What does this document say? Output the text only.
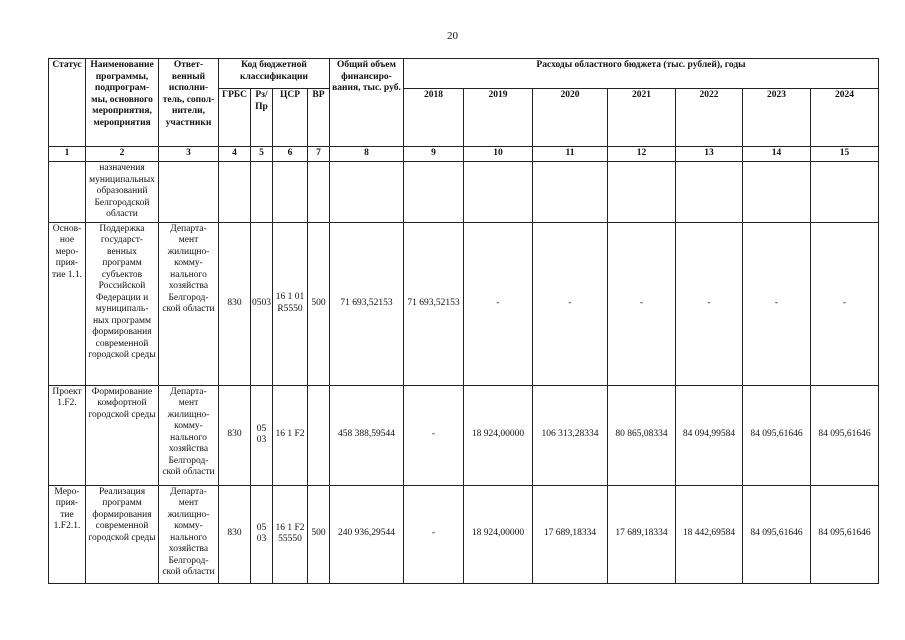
20
Статус	Наименование программы, подпрограм- мы, основного мероприятия, мероприятия	Ответ- венный исполни- тель, сопол- нители, участники	Код бюджетной классификации				Общий объем финансиро- вания, тыс. руб.	Расходы областного бюджета (тыс. рублей), годы						
			ГРБС	Рз/ Пр	ЦСР	ВР		2018	2019	2020	2021	2022	2023	2024
1	2	3	4	5	6	7	8	9	10	11	12	13	14	15
	назначения муниципальных образований Белгородской области													
Основ- ное меро- прия- тие 1.1.	Поддержка государст- венных программ субъектов Российской Федерации и муниципаль- ных программ формирования современной городской среды	Департа- мент жилищно- комму- нального хозяйства Белгород- ской области	830	0503	16 1 01 R5550	500	71 693,52153	71 693,52153	-	-	-	-	-	-
Проект 1.F2.	Формирование комфортной городской среды	Департа- мент жилищно- комму- нального хозяйства Белгород- ской области	830	05 03	16 1 F2		458 388,59544	-	18 924,00000	106 313,28334	80 865,08334	84 094,99584	84 095,61646	84 095,61646
Меро- прия- тие 1.F2.1.	Реализация программ формирования современной городской среды	Департа- мент жилищно- комму- нального хозяйства Белгород- ской области	830	05 03	16 1 F2 55550	500	240 936,29544	-	18 924,00000	17 689,18334	17 689,18334	18 442,69584	84 095,61646	84 095,61646
